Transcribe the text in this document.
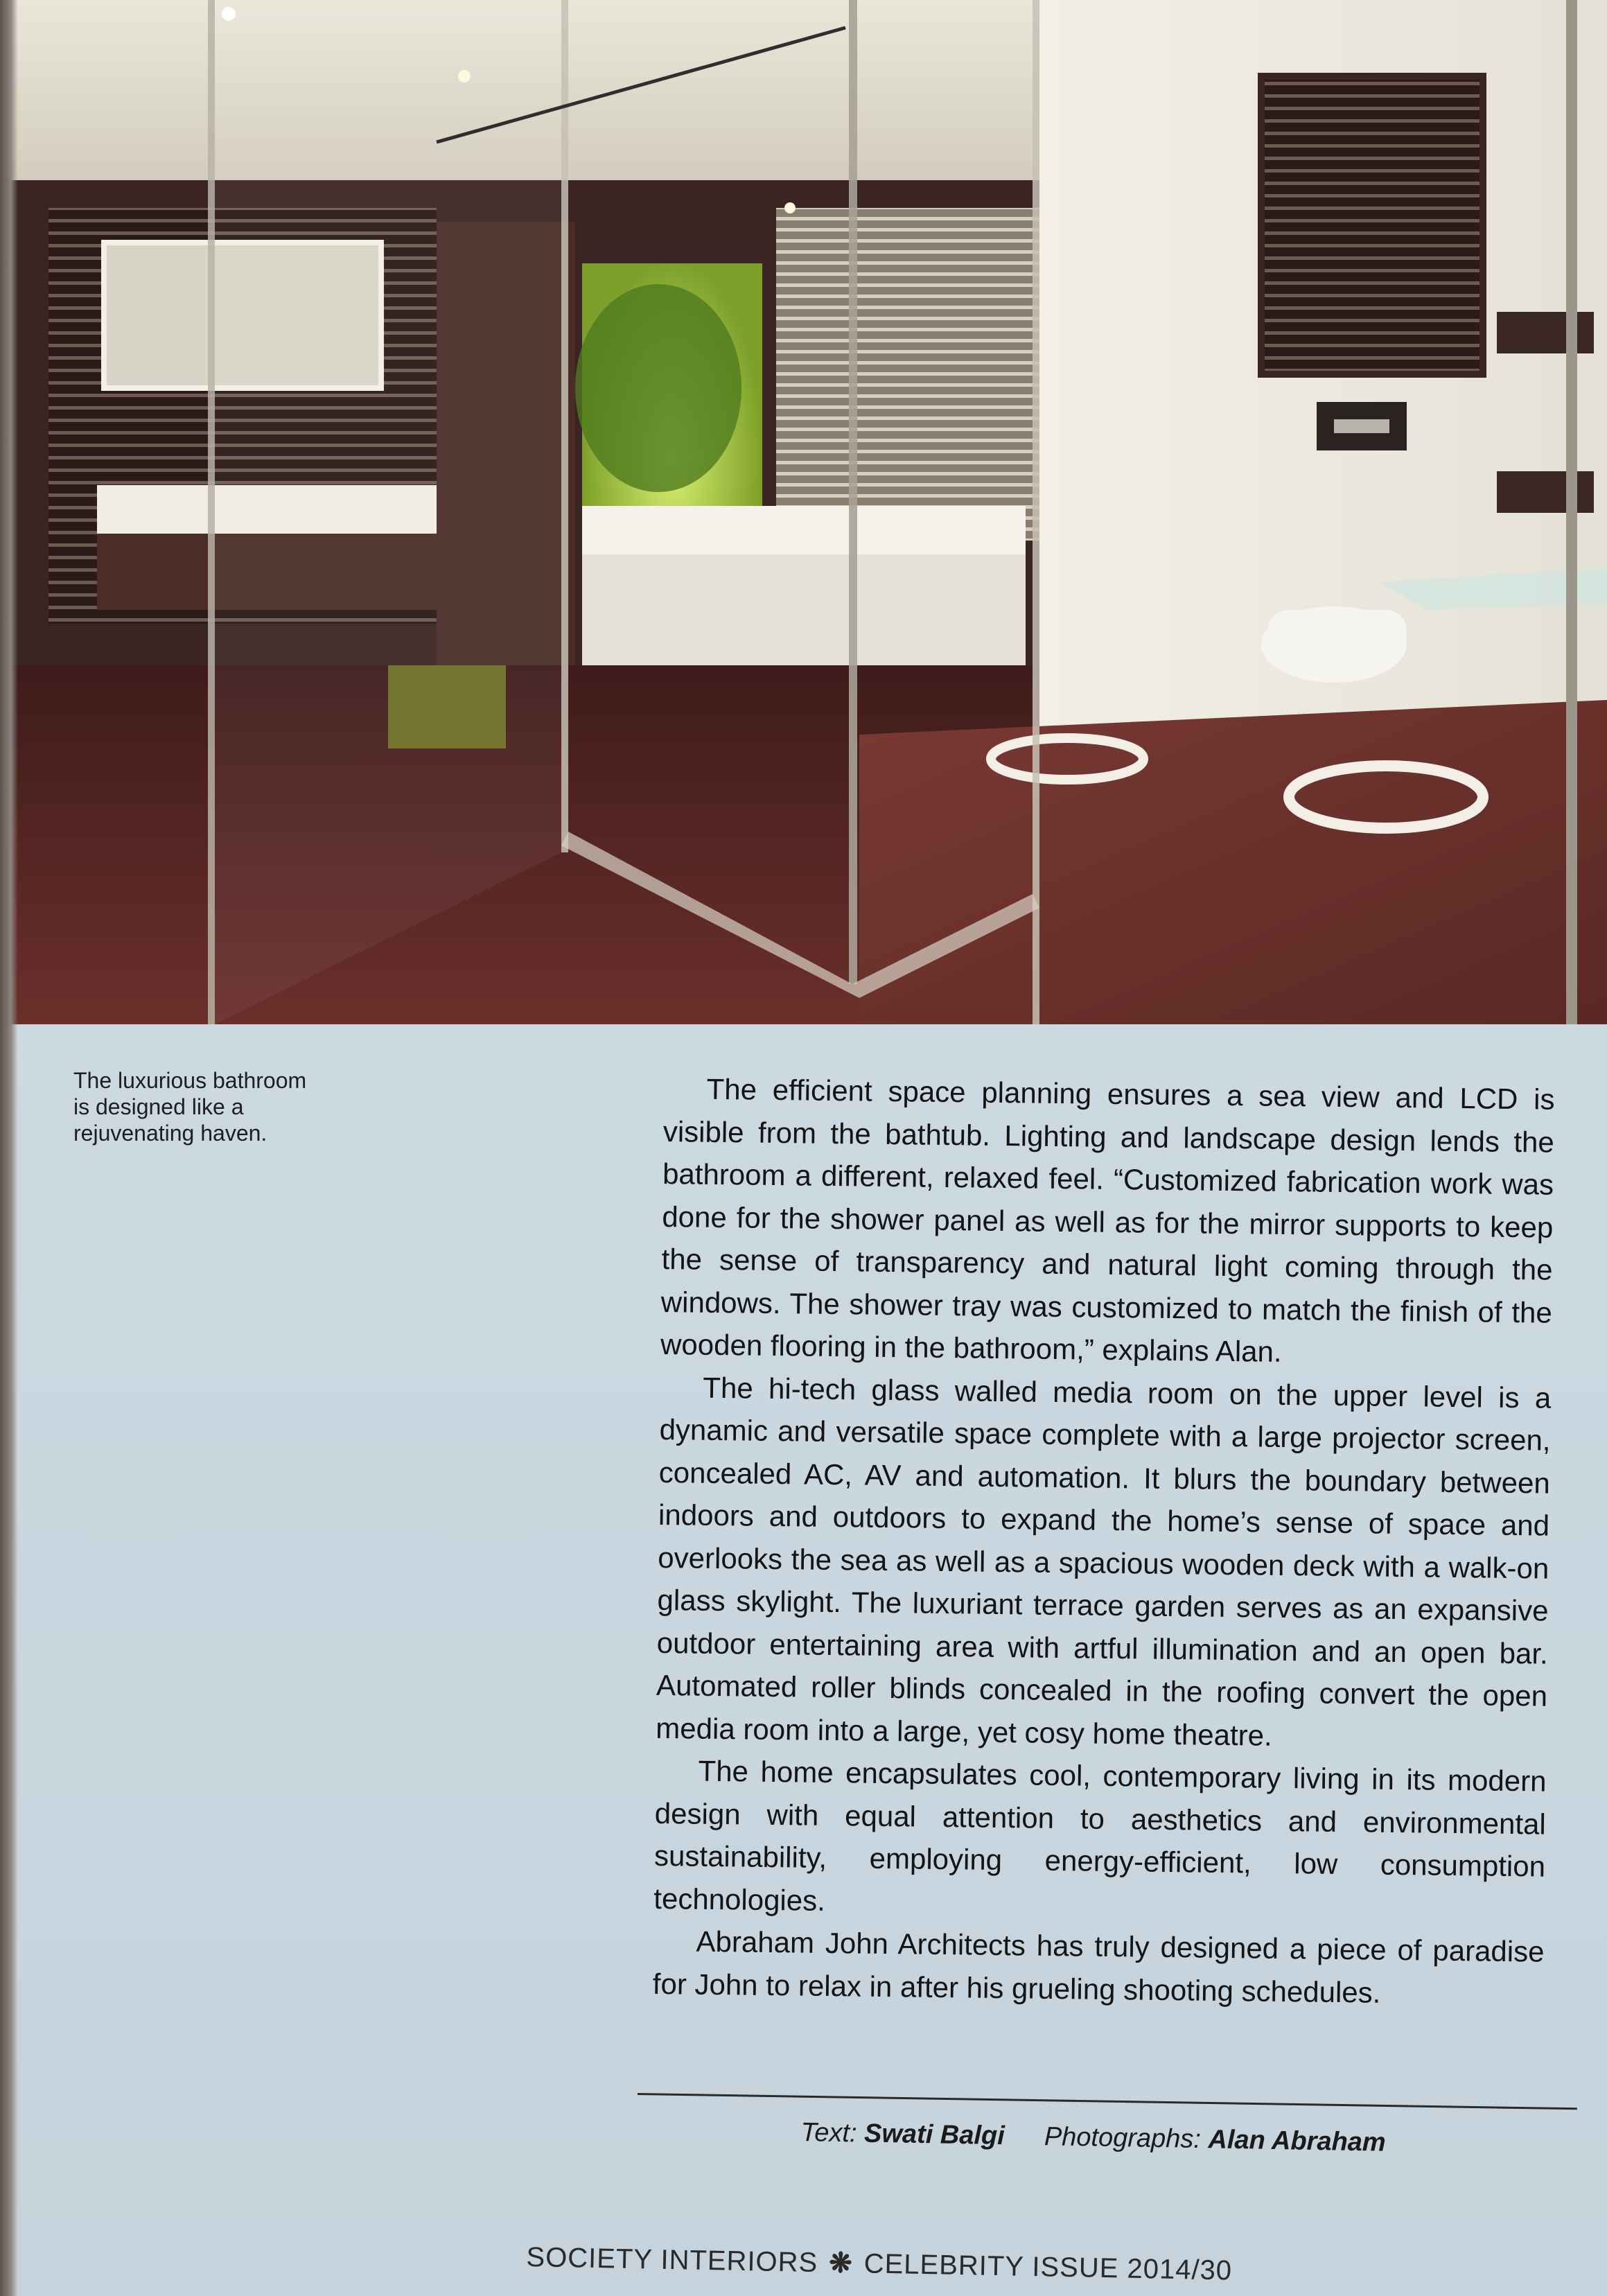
The luxurious bathroom
is designed like a
rejuvenating haven.

The efficient space planning ensures a sea view and LCD is visible from the bathtub. Lighting and landscape design lends the bathroom a different, relaxed feel. “Customized fabrication work was done for the shower panel as well as for the mirror supports to keep the sense of transparency and natural light coming through the windows. The shower tray was customized to match the finish of the wooden flooring in the bathroom,” explains Alan.

The hi-tech glass walled media room on the upper level is a dynamic and versatile space complete with a large projector screen, concealed AC, AV and automation. It blurs the boundary between indoors and outdoors to expand the home’s sense of space and overlooks the sea as well as a spacious wooden deck with a walk-on glass skylight. The luxuriant terrace garden serves as an expansive outdoor entertaining area with artful illumination and an open bar. Automated roller blinds concealed in the roofing convert the open media room into a large, yet cosy home theatre.

The home encapsulates cool, contemporary living in its modern design with equal attention to aesthetics and environmental sustainability, employing energy-efficient, low consumption technologies.

Abraham John Architects has truly designed a piece of paradise for John to relax in after his grueling shooting schedules.

Text: Swati Balgi Photographs: Alan Abraham
SOCIETY INTERIORS ❋ CELEBRITY ISSUE 2014/30
